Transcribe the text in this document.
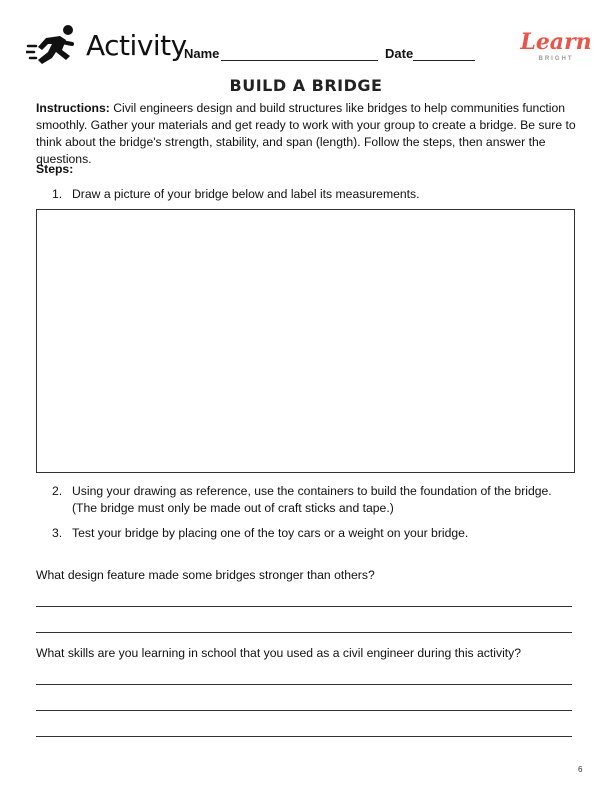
Activity
Name	Date	Learn
BRIGHT
BUILD A BRIDGE
Instructions: Civil engineers design and build structures like bridges to help communities function smoothly. Gather your materials and get ready to work with your group to create a bridge. Be sure to think about the bridge's strength, stability, and span (length). Follow the steps, then answer the questions.
Steps:
1. Draw a picture of your bridge below and label its measurements.
2. Using your drawing as reference, use the containers to build the foundation of the bridge. (The bridge must only be made out of craft sticks and tape.)
3. Test your bridge by placing one of the toy cars or a weight on your bridge.
What design feature made some bridges stronger than others?
What skills are you learning in school that you used as a civil engineer during this activity?
6
